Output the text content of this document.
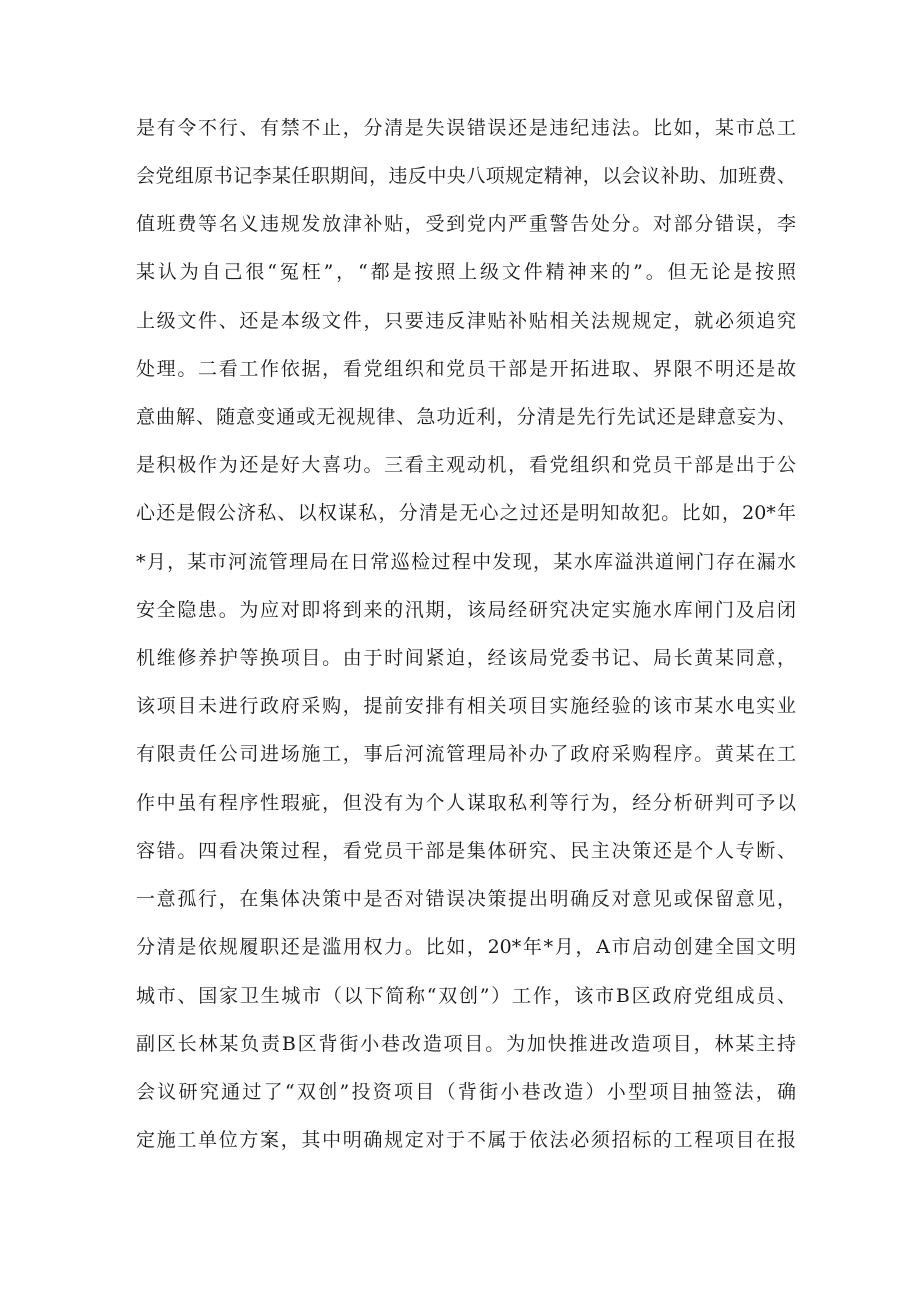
是有令不行、有禁不止，分清是失误错误还是违纪违法。比如，某市总工
会党组原书记李某任职期间，违反中央八项规定精神，以会议补助、加班费、
值班费等名义违规发放津补贴，受到党内严重警告处分。对部分错误，李
某认为自己很“冤枉”，“都是按照上级文件精神来的”。但无论是按照
上级文件、还是本级文件，只要违反津贴补贴相关法规规定，就必须追究
处理。二看工作依据，看党组织和党员干部是开拓进取、界限不明还是故
意曲解、随意变通或无视规律、急功近利，分清是先行先试还是肆意妄为、
是积极作为还是好大喜功。三看主观动机，看党组织和党员干部是出于公
心还是假公济私、以权谋私，分清是无心之过还是明知故犯。比如，20*年
*月，某市河流管理局在日常巡检过程中发现，某水库溢洪道闸门存在漏水
安全隐患。为应对即将到来的汛期，该局经研究决定实施水库闸门及启闭
机维修养护等换项目。由于时间紧迫，经该局党委书记、局长黄某同意，
该项目未进行政府采购，提前安排有相关项目实施经验的该市某水电实业
有限责任公司进场施工，事后河流管理局补办了政府采购程序。黄某在工
作中虽有程序性瑕疵，但没有为个人谋取私利等行为，经分析研判可予以
容错。四看决策过程，看党员干部是集体研究、民主决策还是个人专断、
一意孤行，在集体决策中是否对错误决策提出明确反对意见或保留意见，
分清是依规履职还是滥用权力。比如，20*年*月，A市启动创建全国文明
城市、国家卫生城市（以下简称“双创”）工作，该市B区政府党组成员、
副区长林某负责B区背街小巷改造项目。为加快推进改造项目，林某主持
会议研究通过了“双创”投资项目（背街小巷改造）小型项目抽签法，确
定施工单位方案，其中明确规定对于不属于依法必须招标的工程项目在报
